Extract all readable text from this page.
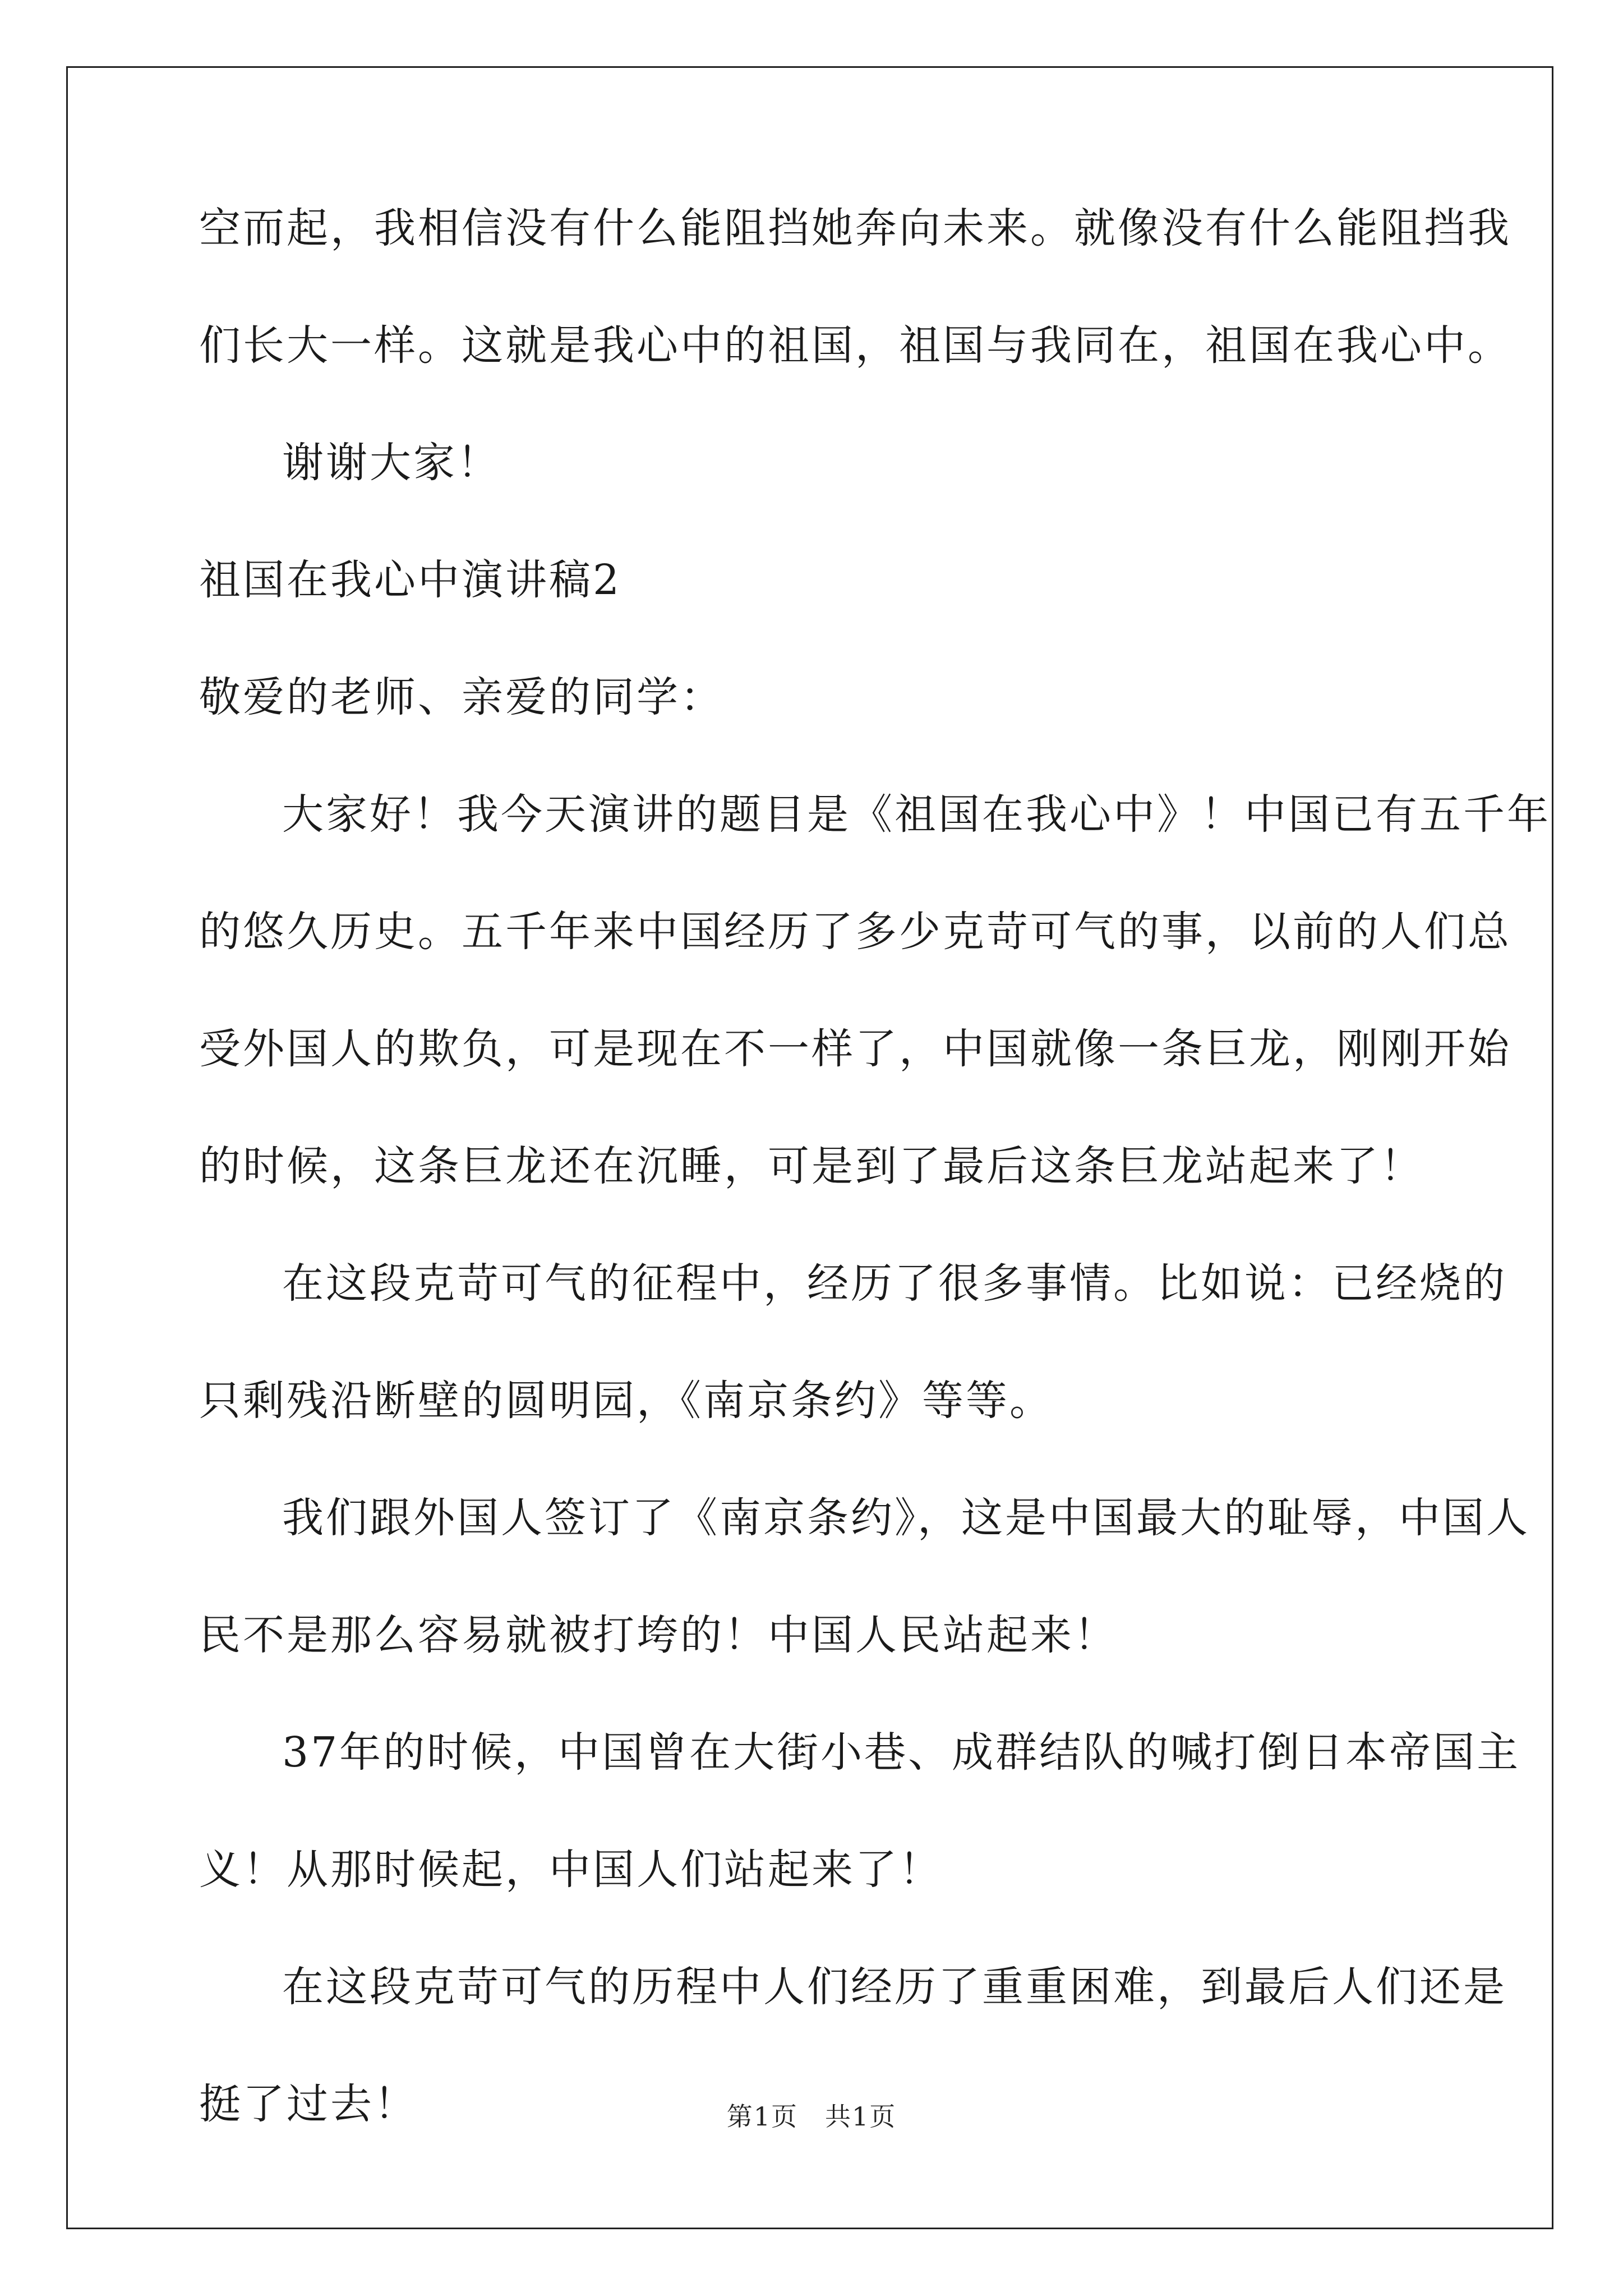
空而起，我相信没有什么能阻挡她奔向未来。就像没有什么能阻挡我
们长大一样。这就是我心中的祖国，祖国与我同在，祖国在我心中。
谢谢大家！
祖国在我心中演讲稿2
敬爱的老师、亲爱的同学：
大家好！我今天演讲的题目是《祖国在我心中》！中国已有五千年
的悠久历史。五千年来中国经历了多少克苛可气的事，以前的人们总
受外国人的欺负，可是现在不一样了，中国就像一条巨龙，刚刚开始
的时候，这条巨龙还在沉睡，可是到了最后这条巨龙站起来了！
在这段克苛可气的征程中，经历了很多事情。比如说：已经烧的
只剩残沿断壁的圆明园，《南京条约》等等。
我们跟外国人签订了《南京条约》，这是中国最大的耻辱，中国人
民不是那么容易就被打垮的！中国人民站起来！
37年的时候，中国曾在大街小巷、成群结队的喊打倒日本帝国主
义！从那时候起，中国人们站起来了！
在这段克苛可气的历程中人们经历了重重困难，到最后人们还是
挺了过去！	第1页　共1页
